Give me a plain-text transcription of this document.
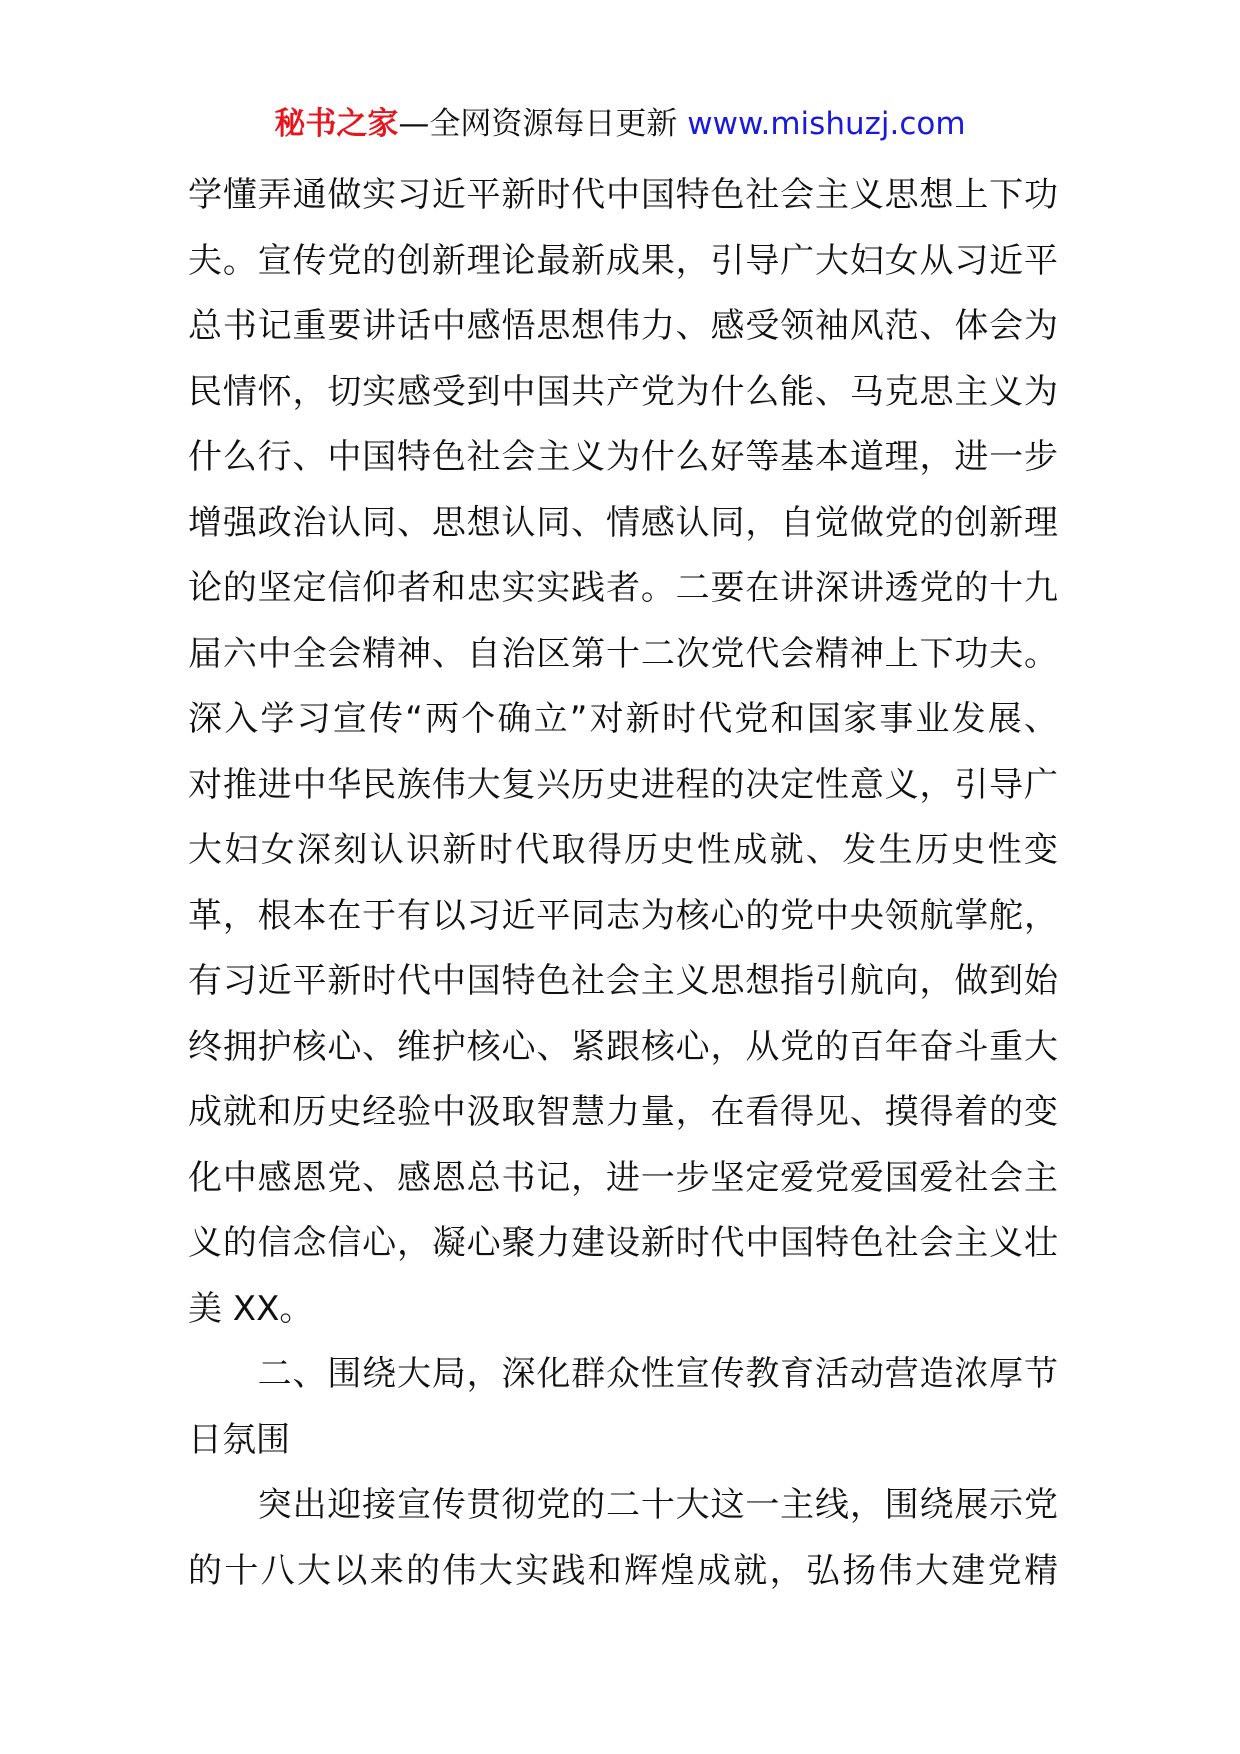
秘书之家—全网资源每日更新 www.mishuzj.com
学懂弄通做实习近平新时代中国特色社会主义思想上下功
夫。宣传党的创新理论最新成果，引导广大妇女从习近平
总书记重要讲话中感悟思想伟力、感受领袖风范、体会为
民情怀，切实感受到中国共产党为什么能、马克思主义为
什么行、中国特色社会主义为什么好等基本道理，进一步
增强政治认同、思想认同、情感认同，自觉做党的创新理
论的坚定信仰者和忠实实践者。二要在讲深讲透党的十九
届六中全会精神、自治区第十二次党代会精神上下功夫。
深入学习宣传“两个确立”对新时代党和国家事业发展、
对推进中华民族伟大复兴历史进程的决定性意义，引导广
大妇女深刻认识新时代取得历史性成就、发生历史性变
革，根本在于有以习近平同志为核心的党中央领航掌舵，
有习近平新时代中国特色社会主义思想指引航向，做到始
终拥护核心、维护核心、紧跟核心，从党的百年奋斗重大
成就和历史经验中汲取智慧力量，在看得见、摸得着的变
化中感恩党、感恩总书记，进一步坚定爱党爱国爱社会主
义的信念信心，凝心聚力建设新时代中国特色社会主义壮
美 XX。
　　二、围绕大局，深化群众性宣传教育活动营造浓厚节
日氛围
　　突出迎接宣传贯彻党的二十大这一主线，围绕展示党
的十八大以来的伟大实践和辉煌成就，弘扬伟大建党精
